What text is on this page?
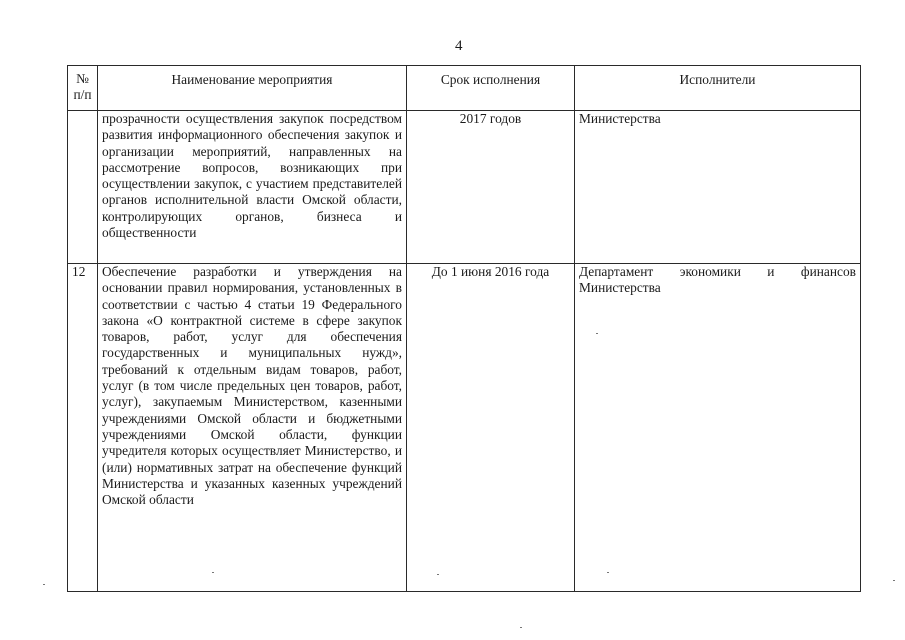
4
№ п/п	Наименование мероприятия	Срок исполнения	Исполнители
	прозрачности осуществления закупок посредством развития информационного обеспечения закупок и организации мероприятий, направленных на рассмотрение вопросов, возникающих при осуществлении закупок, с участием представителей органов исполнительной власти Омской области, контролирующих органов, бизнеса и общественности	2017 годов	Министерства
12	Обеспечение разработки и утверждения на основании правил нормирования, установленных в соответствии с частью 4 статьи 19 Федерального закона «О контрактной системе в сфере закупок товаров, работ, услуг для обеспечения государственных и муниципальных нужд», требований к отдельным видам товаров, работ, услуг (в том числе предельных цен товаров, работ, услуг), закупаемым Министерством, казенными учреждениями Омской области и бюджетными учреждениями Омской области, функции учредителя которых осуществляет Министерство, и (или) нормативных затрат на обеспечение функций Министерства и указанных казенных учреждений Омской области	До 1 июня 2016 года	Департамент экономики и финансов Министерства
